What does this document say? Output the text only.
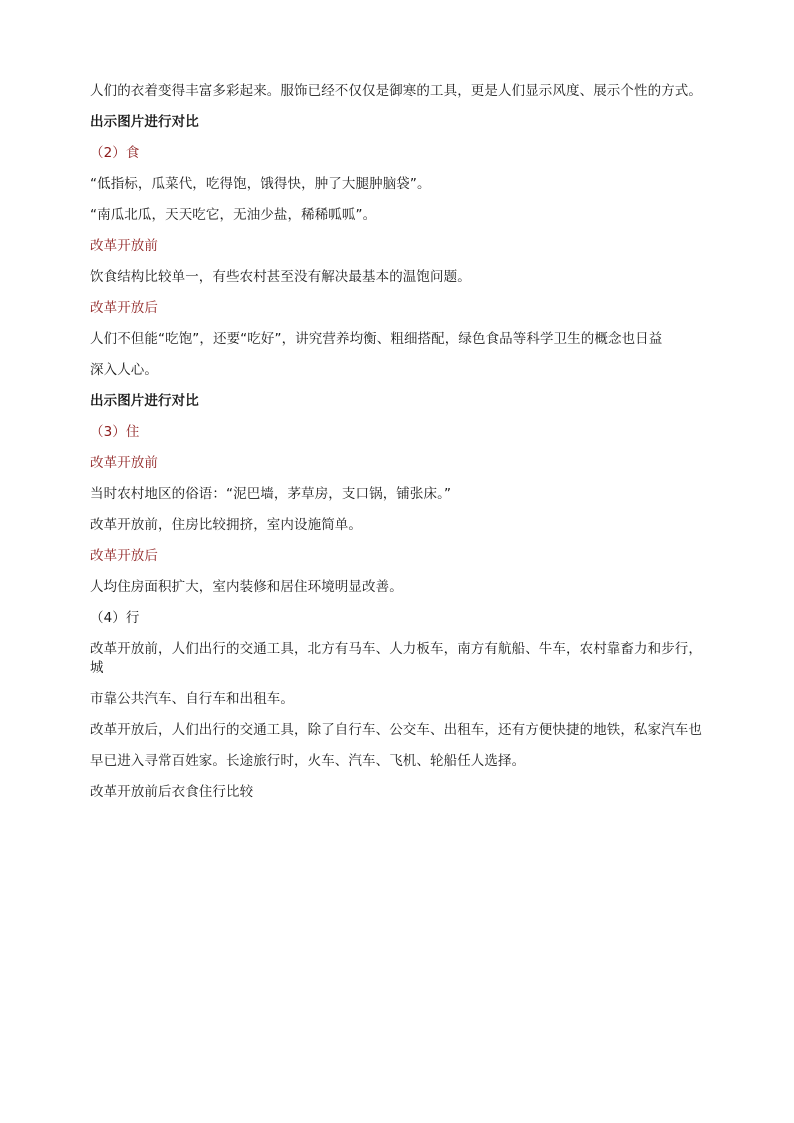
人们的衣着变得丰富多彩起来。服饰已经不仅仅是御寒的工具，更是人们显示风度、展示个性的方式。

出示图片进行对比

（2）食

“低指标，瓜菜代，吃得饱，饿得快，肿了大腿肿脑袋”。

“南瓜北瓜，天天吃它，无油少盐，稀稀呱呱”。

改革开放前

饮食结构比较单一，有些农村甚至没有解决最基本的温饱问题。

改革开放后

人们不但能“吃饱”，还要“吃好”，讲究营养均衡、粗细搭配，绿色食品等科学卫生的概念也日益

深入人心。

出示图片进行对比

（3）住

改革开放前

当时农村地区的俗语：“泥巴墙，茅草房，支口锅，铺张床。”

改革开放前，住房比较拥挤，室内设施简单。

改革开放后

人均住房面积扩大，室内装修和居住环境明显改善。

（4）行

改革开放前，人们出行的交通工具，北方有马车、人力板车，南方有航船、牛车，农村靠畜力和步行，城

市靠公共汽车、自行车和出租车。

改革开放后，人们出行的交通工具，除了自行车、公交车、出租车，还有方便快捷的地铁，私家汽车也

早已进入寻常百姓家。长途旅行时，火车、汽车、飞机、轮船任人选择。

改革开放前后衣食住行比较
